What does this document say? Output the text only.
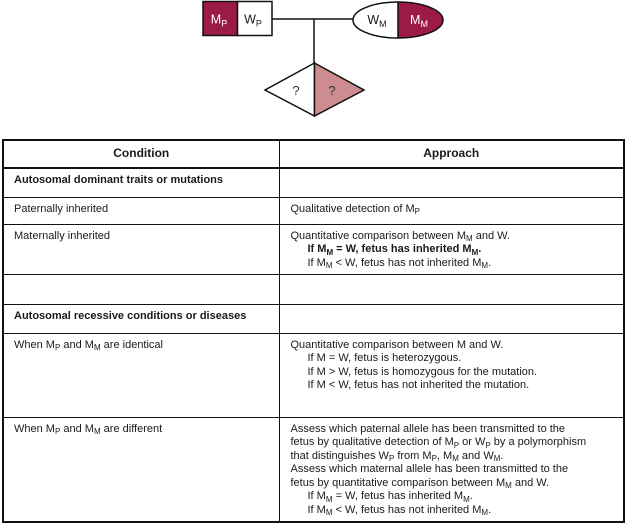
$M_P$ $W_P$	$W_M$ $M_M$
? ?
Condition	Approach
Autosomal dominant traits or mutations	
Paternally inherited	Qualitative detection of $M_P$

Maternally inherited	Quantitative comparison between $M_M$ and W.
If $M_M = W$, fetus has inherited $M_M$.
If $M_M < W$, fetus has not inherited $M_M$.

Autosomal recessive conditions or diseases	
When $M_P$ and $M_M$ are identical	Quantitative comparison between M and W.
If M = W, fetus is heterozygous.
If M > W, fetus is homozygous for the mutation.
If M < W, fetus has not inherited the mutation.

When $M_P$ and $M_M$ are different	Assess which paternal allele has been transmitted to the
fetus by qualitative detection of $M_P$ or $W_P$ by a polymorphism
that distinguishes $W_P$ from $M_P$, $M_M$ and $W_M$.
Assess which maternal allele has been transmitted to the
fetus by quantitative comparison between $M_M$ and W.
If $M_M = W$, fetus has inherited $M_M$.
If $M_M < W$, fetus has not inherited $M_M$.
